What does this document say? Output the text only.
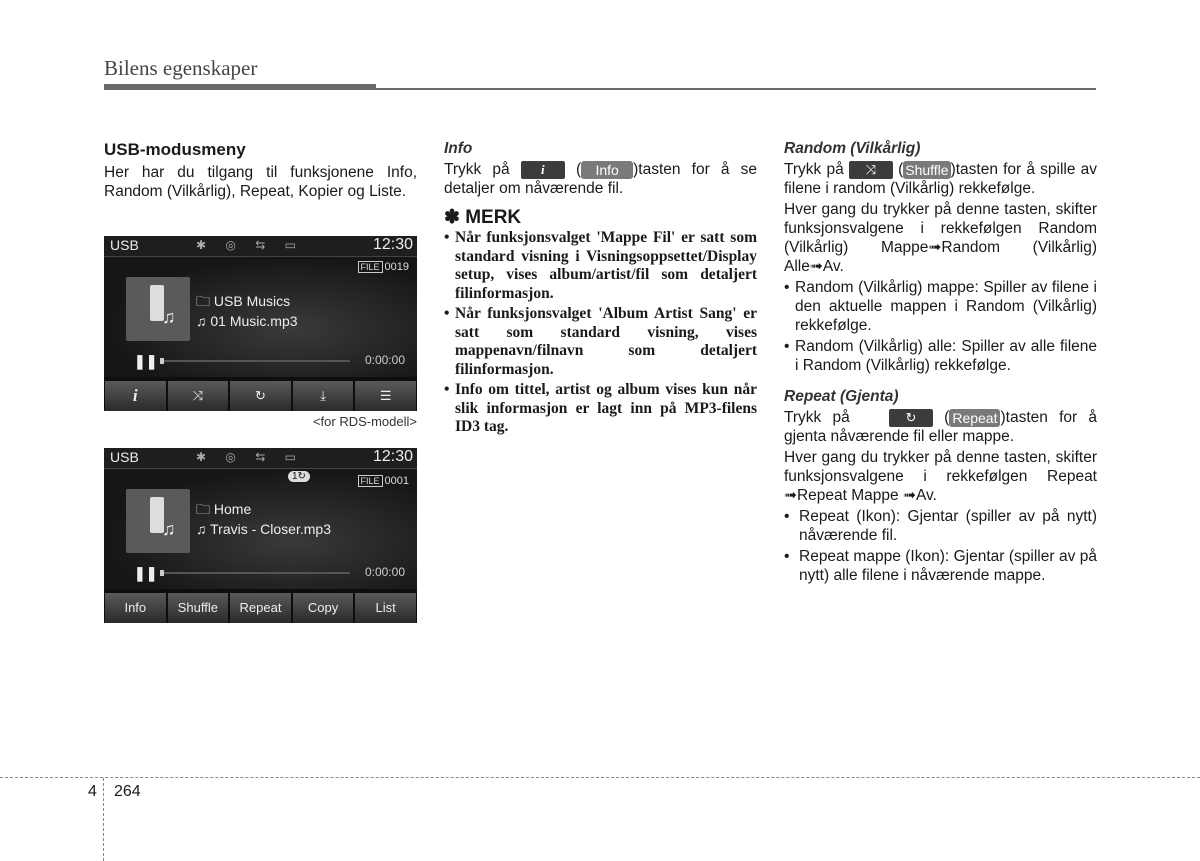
Bilens egenskaper
USB-modusmeny

Her har du tilgang til funksjonene Info, Random (Vilkårlig), Repeat, Kopier og Liste.

USB	✱ ◎ ⇆ ▭	12:30
FILE 0019
♫
🗀 USB Musics
♫ 01 Music.mp3
❚❚	0:00:00
i	⤨	↻	⤓	☰
<for RDS-modell>
USB	✱ ◎ ⇆ ▭	12:30
1↻	FILE 0001
♫
🗀 Home
♫ Travis - Closer.mp3
❚❚	0:00:00
Info	Shuffle	Repeat	Copy	List
Info

Trykk på i ( Info )tasten for å se detaljer om nåværende fil.

✽ MERK
• Når funksjonsvalget 'Mappe Fil' er satt som standard visning i Visningsoppsettet/Display setup, vises album/artist/fil som detaljert filinformasjon.
• Når funksjonsvalget 'Album Artist Sang' er satt som standard visning, vises mappenavn/filnavn som detaljert filinformasjon.
• Info om tittel, artist og album vises kun når slik informasjon er lagt inn på MP3-filens ID3 tag.
Random (Vilkårlig)

Trykk på ⤨ ( Shuffle )tasten for å spille av filene i random (Vilkårlig) rekkefølge.

Hver gang du trykker på denne tasten, skifter funksjonsvalgene i rekkefølgen Random (Vilkårlig) Mappe➟Random (Vilkårlig) Alle➟Av.

• Random (Vilkårlig) mappe: Spiller av filene i den aktuelle mappen i Random (Vilkårlig) rekkefølge.
• Random (Vilkårlig) alle: Spiller av alle filene i Random (Vilkårlig) rekkefølge.
Repeat (Gjenta)

Trykk på	↻ ( Repeat )tasten for å gjenta nåværende fil eller mappe.

Hver gang du trykker på denne tasten, skifter funksjonsvalgene i rekkefølgen Repeat ➟Repeat Mappe ➟Av.

• Repeat (Ikon): Gjentar (spiller av på nytt) nåværende fil.
• Repeat mappe (Ikon): Gjentar (spiller av på nytt) alle filene i nåværende mappe.
4 264
